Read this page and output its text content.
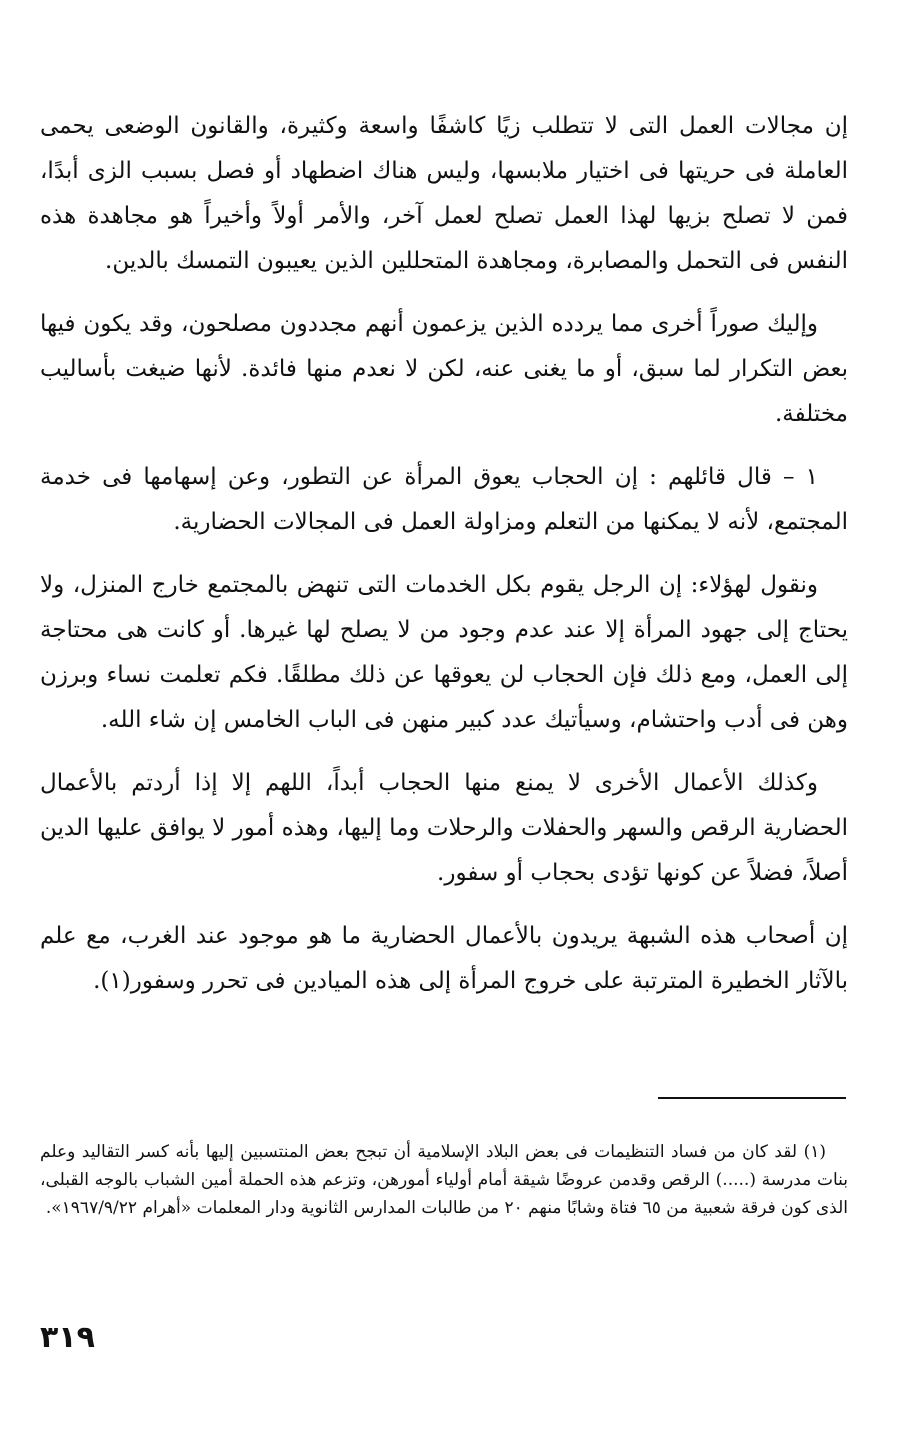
إن مجالات العمل التى لا تتطلب زيًا كاشفًا واسعة وكثيرة، والقانون الوضعى يحمى العاملة فى حريتها فى اختيار ملابسها، وليس هناك اضطهاد أو فصل بسبب الزى أبدًا، فمن لا تصلح بزيها لهذا العمل تصلح لعمل آخر، والأمر أولاً وأخيراً هو مجاهدة هذه النفس فى التحمل والمصابرة، ومجاهدة المتحللين الذين يعيبون التمسك بالدين.

وإليك صوراً أخرى مما يردده الذين يزعمون أنهم مجددون مصلحون، وقد يكون فيها بعض التكرار لما سبق، أو ما يغنى عنه، لكن لا نعدم منها فائدة. لأنها ضيغت بأساليب مختلفة.

١ – قال قائلهم : إن الحجاب يعوق المرأة عن التطور، وعن إسهامها فى خدمة المجتمع، لأنه لا يمكنها من التعلم ومزاولة العمل فى المجالات الحضارية.

ونقول لهؤلاء: إن الرجل يقوم بكل الخدمات التى تنهض بالمجتمع خارج المنزل، ولا يحتاج إلى جهود المرأة إلا عند عدم وجود من لا يصلح لها غيرها. أو كانت هى محتاجة إلى العمل، ومع ذلك فإن الحجاب لن يعوقها عن ذلك مطلقًا. فكم تعلمت نساء وبرزن وهن فى أدب واحتشام، وسيأتيك عدد كبير منهن فى الباب الخامس إن شاء الله.

وكذلك الأعمال الأخرى لا يمنع منها الحجاب أبداً، اللهم إلا إذا أردتم بالأعمال الحضارية الرقص والسهر والحفلات والرحلات وما إليها، وهذه أمور لا يوافق عليها الدين أصلاً، فضلاً عن كونها تؤدى بحجاب أو سفور.

إن أصحاب هذه الشبهة يريدون بالأعمال الحضارية ما هو موجود عند الغرب، مع علم بالآثار الخطيرة المترتبة على خروج المرأة إلى هذه الميادين فى تحرر وسفور(١).

(١) لقد كان من فساد التنظيمات فى بعض البلاد الإسلامية أن تبجح بعض المنتسبين إليها بأنه كسر التقاليد وعلم بنات مدرسة (.....) الرقص وقدمن عروضًا شيقة أمام أولياء أمورهن، وتزعم هذه الحملة أمين الشباب بالوجه القبلى، الذى كون فرقة شعبية من ٦٥ فتاة وشابًا منهم ٢٠ من طالبات المدارس الثانوية ودار المعلمات «أهرام ١٩٦٧/٩/٢٢».

٣١٩
